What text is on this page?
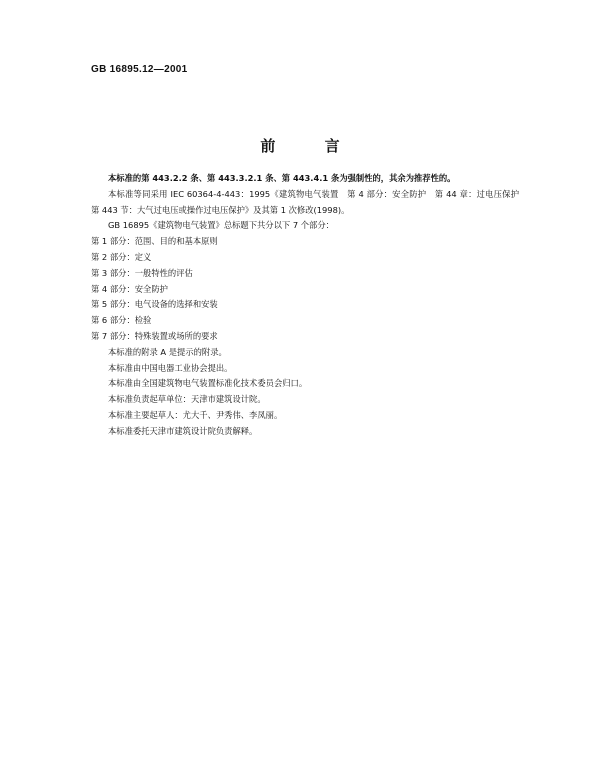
GB 16895.12—2001
前 言

本标准的第 443.2.2 条、第 443.3.2.1 条、第 443.4.1 条为强制性的，其余为推荐性的。

本标准等同采用 IEC 60364-4-443：1995《建筑物电气装置　第 4 部分：安全防护　第 44 章：过电压保护　第 443 节：大气过电压或操作过电压保护》及其第 1 次修改(1998)。

GB 16895《建筑物电气装置》总标题下共分以下 7 个部分：

第 1 部分：范围、目的和基本原则

第 2 部分：定义

第 3 部分：一般特性的评估

第 4 部分：安全防护

第 5 部分：电气设备的选择和安装

第 6 部分：检验

第 7 部分：特殊装置或场所的要求

本标准的附录 A 是提示的附录。

本标准由中国电器工业协会提出。

本标准由全国建筑物电气装置标准化技术委员会归口。

本标准负责起草单位：天津市建筑设计院。

本标准主要起草人：尤大千、尹秀伟、李凤丽。

本标准委托天津市建筑设计院负责解释。
